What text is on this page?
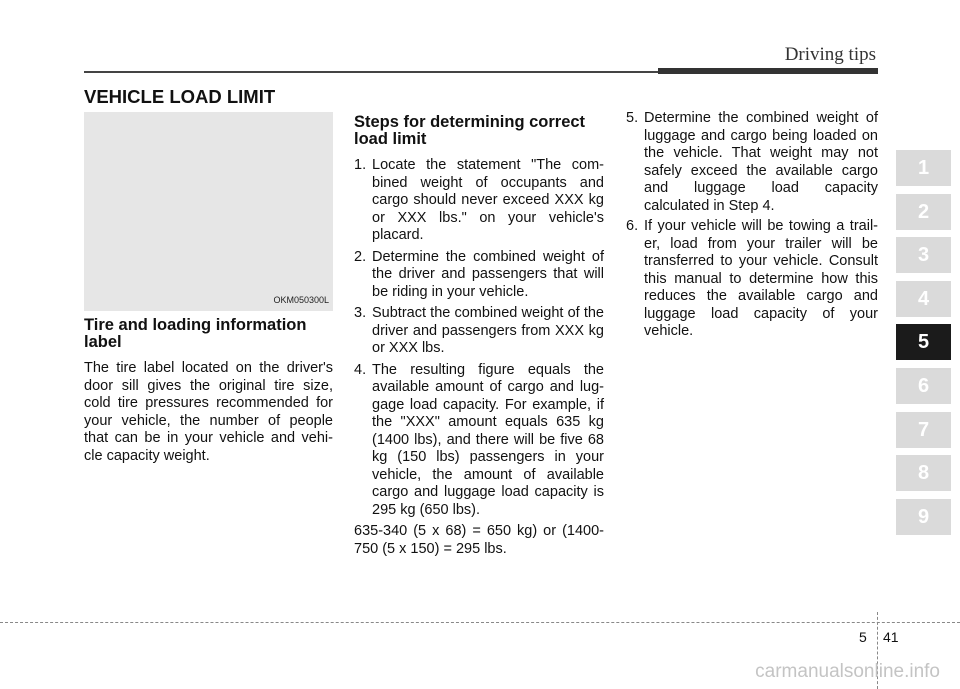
Driving tips
VEHICLE LOAD LIMIT
OKM050300L
Tire and loading information label

The tire label located on the driver's door sill gives the original tire size, cold tire pressures recommended for your vehicle, the number of people that can be in your vehicle and vehi-cle capacity weight.

Steps for determining correct load limit
1. Locate the statement "The com-bined weight of occupants and cargo should never exceed XXX kg or XXX lbs." on your vehicle's placard.
2. Determine the combined weight of the driver and passengers that will be riding in your vehicle.
3. Subtract the combined weight of the driver and passengers from XXX kg or XXX lbs.
4. The resulting figure equals the available amount of cargo and lug-gage load capacity. For example, if the "XXX" amount equals 635 kg (1400 lbs), and there will be five 68 kg (150 lbs) passengers in your vehicle, the amount of available cargo and luggage load capacity is 295 kg (650 lbs).

635-340 (5 x 68) = 650 kg) or (1400-750 (5 x 150) = 295 lbs.

5. Determine the combined weight of luggage and cargo being loaded on the vehicle. That weight may not safely exceed the available cargo and luggage load capacity calculated in Step 4.
6. If your vehicle will be towing a trail-er, load from your trailer will be transferred to your vehicle. Consult this manual to determine how this reduces the available cargo and luggage load capacity of your vehicle.
1
2
3
4
5
6
7
8
9
5 41
carmanualsonline.info
